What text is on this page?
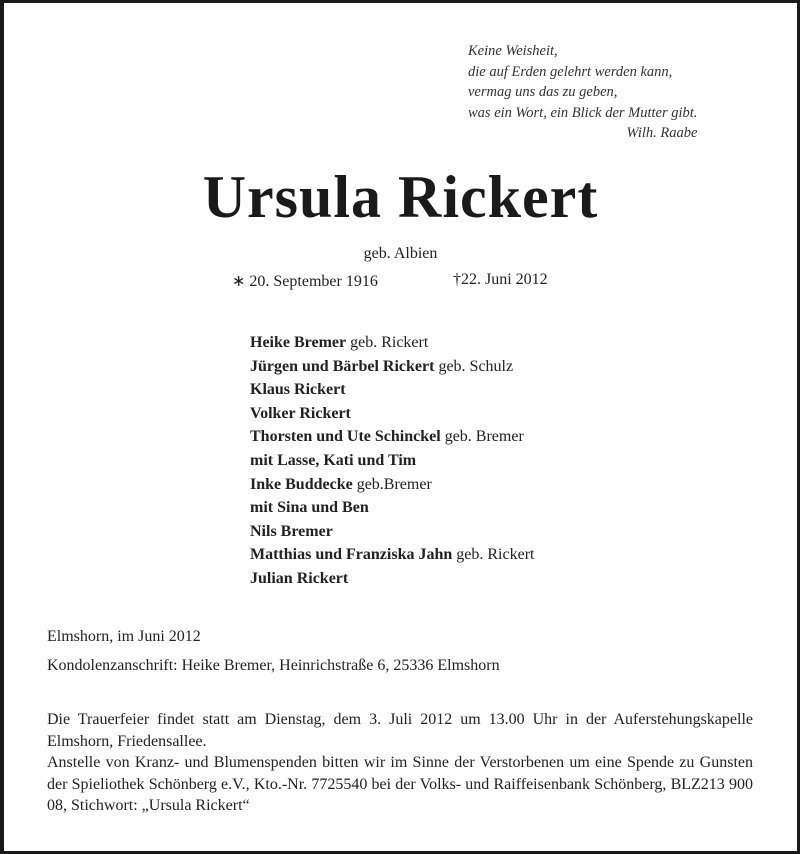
Keine Weisheit,
die auf Erden gelehrt werden kann,
vermag uns das zu geben,
was ein Wort, ein Blick der Mutter gibt.
Wilh. Raabe
Ursula Rickert
geb. Albien
∗ 20. September 1916	†22. Juni 2012
Heike Bremer geb. Rickert
Jürgen und Bärbel Rickert geb. Schulz
Klaus Rickert
Volker Rickert
Thorsten und Ute Schinckel geb. Bremer
mit Lasse, Kati und Tim
Inke Buddecke geb.Bremer
mit Sina und Ben
Nils Bremer
Matthias und Franziska Jahn geb. Rickert
Julian Rickert
Elmshorn, im Juni 2012
Kondolenzanschrift: Heike Bremer, Heinrichstraße 6, 25336 Elmshorn

Die Trauerfeier findet statt am Dienstag, dem 3. Juli 2012 um 13.00 Uhr in der Auferstehungskapelle Elmshorn, Friedensallee.

Anstelle von Kranz- und Blumenspenden bitten wir im Sinne der Verstorbenen um eine Spende zu Gunsten der Spieliothek Schönberg e.V., Kto.-Nr. 7725540 bei der Volks- und Raiffeisenbank Schönberg, BLZ213 900 08, Stichwort: „Ursula Rickert“
